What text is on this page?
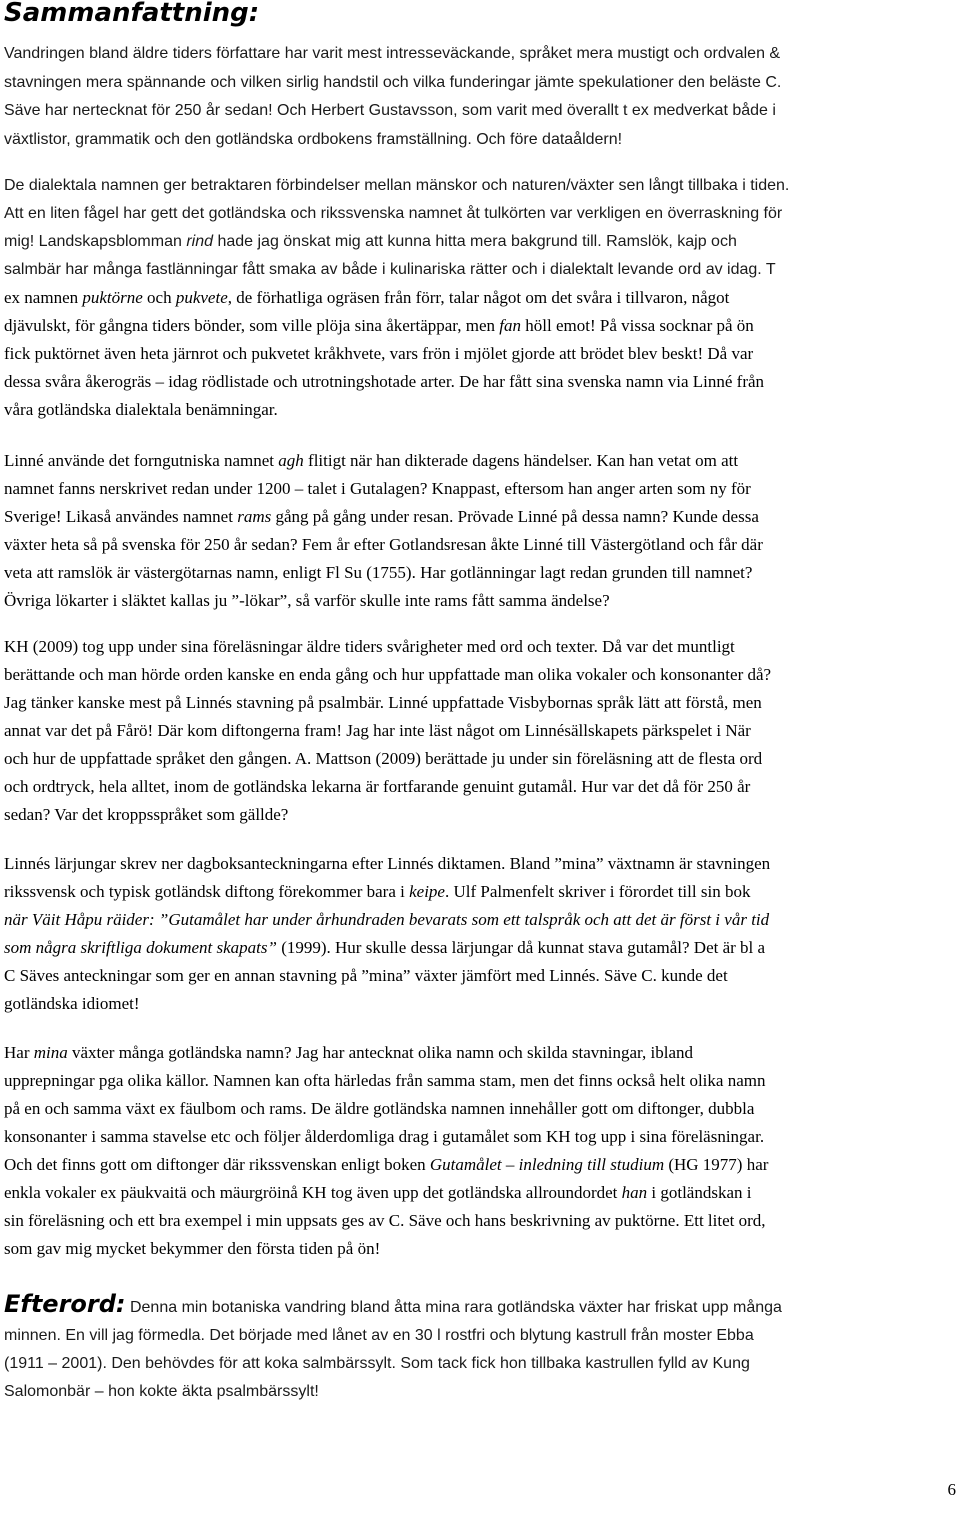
Sammanfattning:
Vandringen bland äldre tiders författare har varit mest intresseväckande, språket mera mustigt och ordvalen &
stavningen mera spännande och vilken sirlig handstil och vilka funderingar jämte spekulationer den beläste C.
Säve har nertecknat för 250 år sedan! Och Herbert Gustavsson, som varit med överallt t ex medverkat både i
växtlistor, grammatik och den gotländska ordbokens framställning. Och före dataåldern!
De dialektala namnen ger betraktaren förbindelser mellan mänskor och naturen/växter sen långt tillbaka i tiden.
Att en liten fågel har gett det gotländska och rikssvenska namnet åt tulkörten var verkligen en överraskning för
mig! Landskapsblomman rind hade jag önskat mig att kunna hitta mera bakgrund till. Ramslök, kajp och
salmbär har många fastlänningar fått smaka av både i kulinariska rätter och i dialektalt levande ord av idag. T
ex namnen puktörne och pukvete, de förhatliga ogräsen från förr, talar något om det svåra i tillvaron, något
djävulskt, för gångna tiders bönder, som ville plöja sina åkertäppar, men fan höll emot! På vissa socknar på ön
fick puktörnet även heta järnrot och pukvetet kråkhvete, vars frön i mjölet gjorde att brödet blev beskt! Då var
dessa svåra åkerogräs – idag rödlistade och utrotningshotade arter. De har fått sina svenska namn via Linné från
våra gotländska dialektala benämningar.
Linné använde det forngutniska namnet agh flitigt när han dikterade dagens händelser. Kan han vetat om att
namnet fanns nerskrivet redan under 1200 – talet i Gutalagen? Knappast, eftersom han anger arten som ny för
Sverige! Likaså användes namnet rams gång på gång under resan. Prövade Linné på dessa namn? Kunde dessa
växter heta så på svenska för 250 år sedan? Fem år efter Gotlandsresan åkte Linné till Västergötland och får där
veta att ramslök är västergötarnas namn, enligt Fl Su (1755). Har gotlänningar lagt redan grunden till namnet?
Övriga lökarter i släktet kallas ju ”-lökar”, så varför skulle inte rams fått samma ändelse?
KH (2009) tog upp under sina föreläsningar äldre tiders svårigheter med ord och texter. Då var det muntligt
berättande och man hörde orden kanske en enda gång och hur uppfattade man olika vokaler och konsonanter då?
Jag tänker kanske mest på Linnés stavning på psalmbär. Linné uppfattade Visbybornas språk lätt att förstå, men
annat var det på Fårö! Där kom diftongerna fram! Jag har inte läst något om Linnésällskapets pärkspelet i När
och hur de uppfattade språket den gången. A. Mattson (2009) berättade ju under sin föreläsning att de flesta ord
och ordtryck, hela alltet, inom de gotländska lekarna är fortfarande genuint gutamål. Hur var det då för 250 år
sedan? Var det kroppsspråket som gällde?
Linnés lärjungar skrev ner dagboksanteckningarna efter Linnés diktamen. Bland ”mina” växtnamn är stavningen
rikssvensk och typisk gotländsk diftong förekommer bara i keipe. Ulf Palmenfelt skriver i förordet till sin bok
när Väit Håpu räider: ”Gutamålet har under århundraden bevarats som ett talspråk och att det är först i vår tid
som några skriftliga dokument skapats” (1999). Hur skulle dessa lärjungar då kunnat stava gutamål? Det är bl a
C Säves anteckningar som ger en annan stavning på ”mina” växter jämfört med Linnés. Säve C. kunde det
gotländska idiomet!
Har mina växter många gotländska namn? Jag har antecknat olika namn och skilda stavningar, ibland
upprepningar pga olika källor. Namnen kan ofta härledas från samma stam, men det finns också helt olika namn
på en och samma växt ex fäulbom och rams. De äldre gotländska namnen innehåller gott om diftonger, dubbla
konsonanter i samma stavelse etc och följer ålderdomliga drag i gutamålet som KH tog upp i sina föreläsningar.
Och det finns gott om diftonger där rikssvenskan enligt boken Gutamålet – inledning till studium (HG 1977) har
enkla vokaler ex päukvaitä och mäurgröinå KH tog även upp det gotländska allroundordet han i gotländskan i
sin föreläsning och ett bra exempel i min uppsats ges av C. Säve och hans beskrivning av puktörne. Ett litet ord,
som gav mig mycket bekymmer den första tiden på ön!
Efterord: Denna min botaniska vandring bland åtta mina rara gotländska växter har friskat upp många
minnen. En vill jag förmedla. Det började med lånet av en 30 l rostfri och blytung kastrull från moster Ebba
(1911 – 2001). Den behövdes för att koka salmbärssylt. Som tack fick hon tillbaka kastrullen fylld av Kung
Salomonbär – hon kokte äkta psalmbärssylt!
6
